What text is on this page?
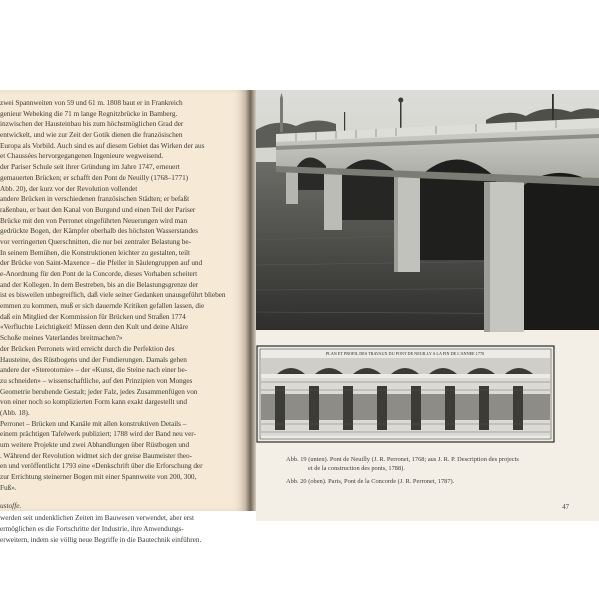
zwei Spannweiten von 59 und 61 m. 1808 baut er in Frankreich
genieur Webeking die 71 m lange Regnitzbrücke in Bamberg.
inzwischen der Hausteinbau bis zum höchstmöglichen Grad der
entwickelt, und wie zur Zeit der Gotik dienen die französischen
Europa als Vorbild. Auch sind es auf diesem Gebiet das Wirken der aus
et Chaussées hervorgegangenen Ingenieure wegweisend.
der Pariser Schule seit ihrer Gründung im Jahre 1747, erneuert
gemauerten Brücken; er schafft den Pont de Neuilly (1768–1771)
Abb. 20), der kurz vor der Revolution vollendet
andere Brücken in verschiedenen französischen Städten; er befaßt
raßenbau, er baut den Kanal von Burgund und einen Teil der Pariser
Brücke mit den von Perronet eingeführten Neuerungen wird man
gedrückte Bogen, der Kämpfer oberhalb des höchsten Wasserstandes
vor verringerten Querschnitten, die nur bei zentraler Belastung be-
In seinem Bemühen, die Konstruktionen leichter zu gestalten, teilt
der Brücke von Saint-Maxence – die Pfeiler in Säulengruppen auf und
e-Anordnung für den Pont de la Concorde, dieses Vorhaben scheitert
and der Kollegen. In dem Bestreben, bis an die Belastungsgrenze der
ist es bisweilen unbegreiflich, daß viele seiner Gedanken unausgeführt blieben
emmen zu kommen, muß er sich dauernde Kritiken gefallen lassen, die
daß ein Mitglied der Kommission für Brücken und Straßen 1774
«Verfluchte Leichtigkeit! Müssen denn den Kult und deine Altäre
Schoße meines Vaterlandes breitmachen?»
der Brücken Perronets wird erreicht durch die Perfektion des
Hausteine, des Rüstbogens und der Fundierungen. Damals gehen
andere der «Stereotomie» – der «Kunst, die Steine nach einer be-
zu schneiden» – wissenschaftliche, auf den Prinzipien von Monges
Geometrie beruhende Gestalt; jeder Falz, jedes Zusammenfügen von
von einer noch so komplizierten Form kann exakt dargestellt und
(Abb. 18).
Perronet – Brücken und Kanäle mit allen konstruktiven Details –
einem prächtigen Tafelwerk publiziert; 1788 wird der Band neu ver-
um weitere Projekte und zwei Abhandlungen über Rüstbogen und
. Während der Revolution widmet sich der greise Baumeister theo-
en und veröffentlicht 1793 eine «Denkschrift über die Erforschung der
zur Errichtung steinerner Bogen mit einer Spannweite von 200, 300,
Fuß».
ustoffe.
werden seit undenklichen Zeiten im Bauwesen verwendet, aber erst
ermöglichen es die Fortschritte der Industrie, ihre Anwendungs-
erweitern, indem sie völlig neue Begriffe in die Bautechnik einführen.
PLAN ET PROFIL DES TRAVAUX DU PONT DE NEUILLY A LA FIN DE L'ANNEE 1770
Abb. 19 (unten). Pont de Neuilly (J. R. Perronet, 1768; aus J. R. P. Description des projects
et de la construction des ponts, 1788).
Abb. 20 (oben). Paris, Pont de la Concorde (J. R. Perronet, 1787).
47
